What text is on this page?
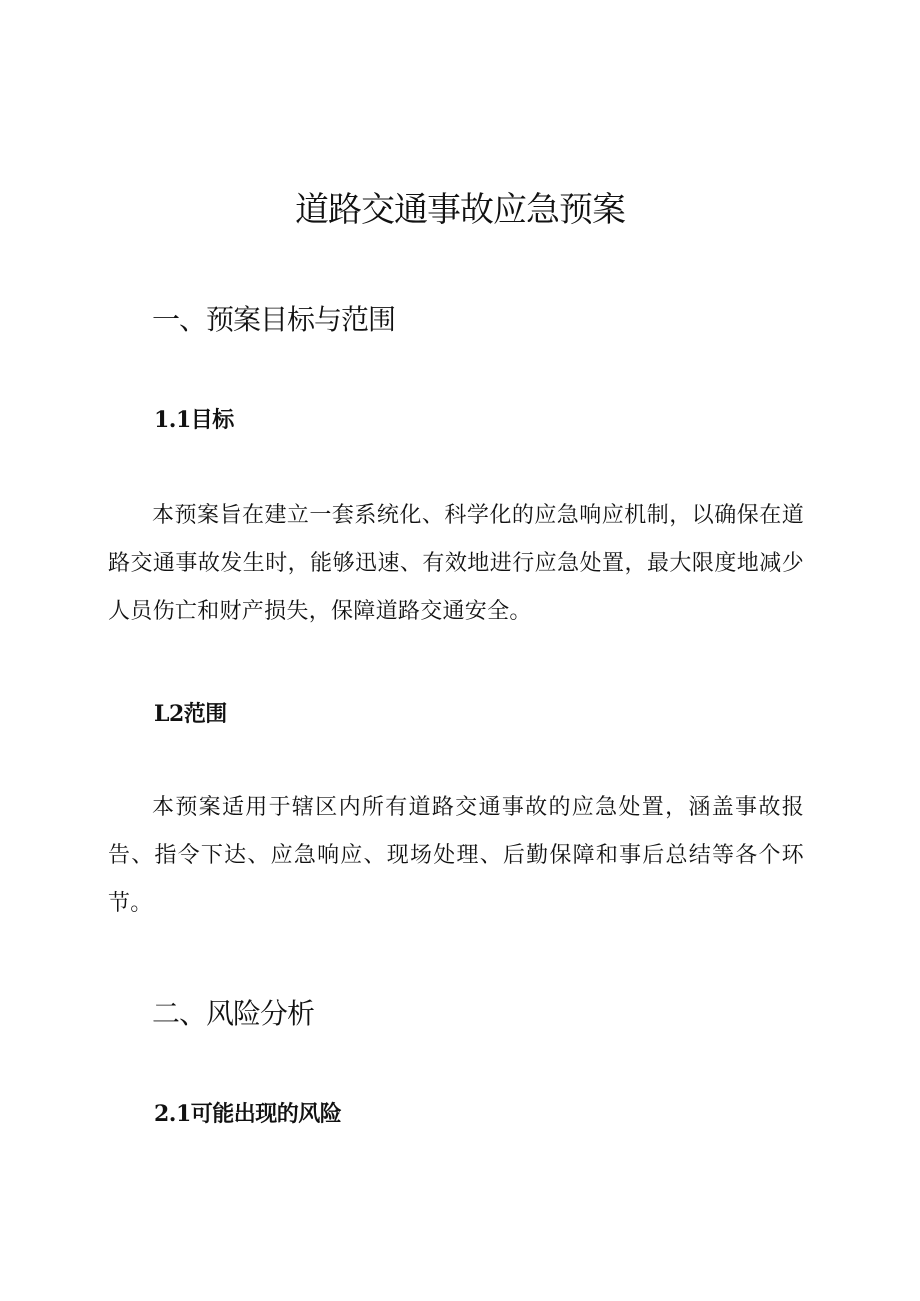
道路交通事故应急预案
一、预案目标与范围
1.1目标

本预案旨在建立一套系统化、科学化的应急响应机制，以确保在道路交通事故发生时，能够迅速、有效地进行应急处置，最大限度地减少人员伤亡和财产损失，保障道路交通安全。

L2范围

本预案适用于辖区内所有道路交通事故的应急处置，涵盖事故报告、指令下达、应急响应、现场处理、后勤保障和事后总结等各个环节。

二、风险分析
2.1可能出现的风险
